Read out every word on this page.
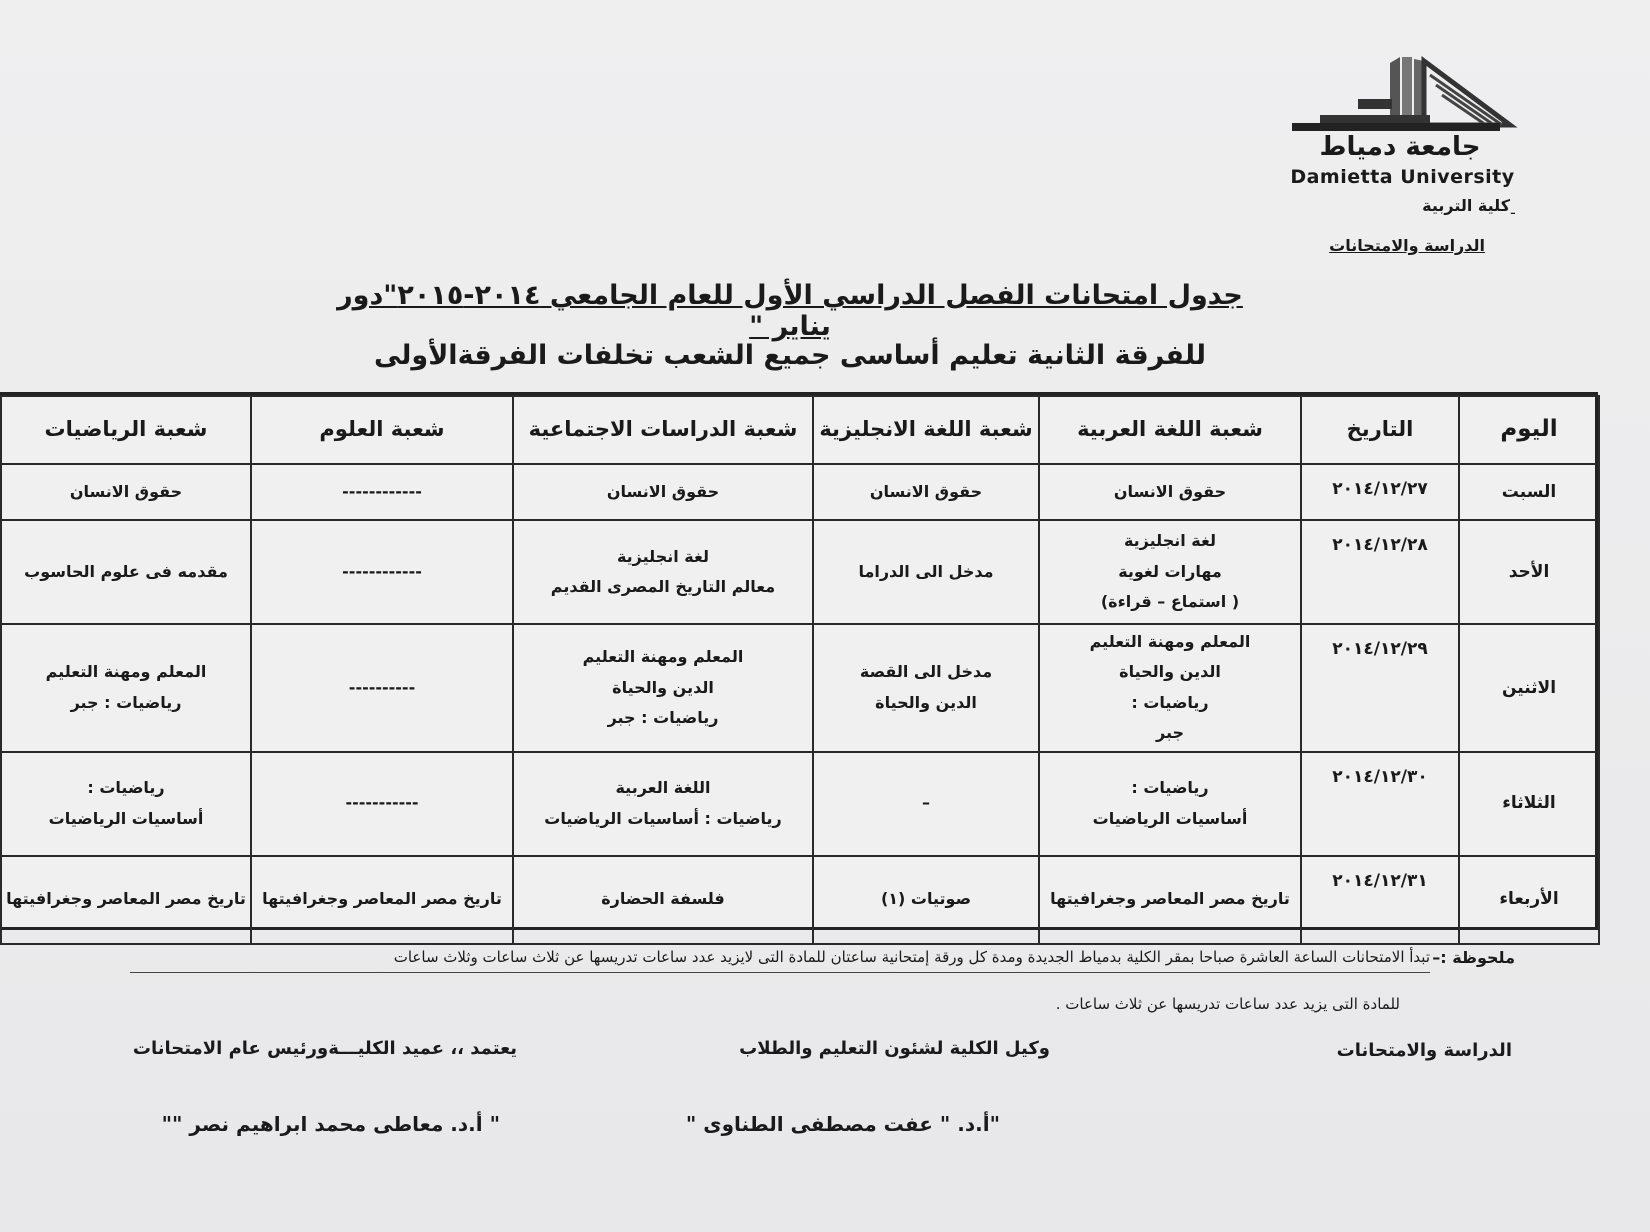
جامعة دمياط
Damietta University
كلية التربية -
الدراسة والامتحانات
جدول امتحانات الفصل الدراسي الأول للعام الجامعي ٢٠١٤-٢٠١٥"دور يناير "
للفرقة الثانية تعليم أساسى جميع الشعب تخلفات الفرقةالأولى
اليوم	التاريخ	شعبة اللغة العربية	شعبة اللغة الانجليزية	شعبة الدراسات الاجتماعية	شعبة العلوم	شعبة الرياضيات
السبت	٢٠١٤/١٢/٢٧	حقوق الانسان	حقوق الانسان	حقوق الانسان	------------	حقوق الانسان

الأحد	٢٠١٤/١٢/٢٨	لغة انجليزية
مهارات لغوية
( استماع – قراءة)	مدخل الى الدراما	لغة انجليزية
معالم التاريخ المصرى القديم	------------	مقدمه فى علوم الحاسوب

الاثنين	٢٠١٤/١٢/٢٩	المعلم ومهنة التعليم
الدين والحياة
رياضيات :
جبر	مدخل الى القصة
الدين والحياة	المعلم ومهنة التعليم
الدين والحياة
رياضيات : جبر	----------	المعلم ومهنة التعليم
رياضيات : جبر

الثلاثاء	٢٠١٤/١٢/٣٠	رياضيات :
أساسيات الرياضيات	–	اللغة العربية
رياضيات : أساسيات الرياضيات	-----------	رياضيات :
أساسيات الرياضيات

الأربعاء	٢٠١٤/١٢/٣١	تاريخ مصر المعاصر وجغرافيتها	صوتيات (١)	فلسفة الحضارة	تاريخ مصر المعاصر وجغرافيتها	تاريخ مصر المعاصر وجغرافيتها
ملحوظة :–
تبدأ الامتحانات الساعة العاشرة صباحا بمقر الكلية بدمياط الجديدة ومدة كل ورقة إمتحانية ساعتان للمادة التى لايزيد عدد ساعات تدريسها عن ثلاث ساعات وثلاث ساعات
للمادة التى يزيد عدد ساعات تدريسها عن ثلاث ساعات .
الدراسة والامتحانات
وكيل الكلية لشئون التعليم والطلاب
"أ.د. " عفت مصطفى الطناوى "
يعتمد ،، عميد الكليـــةورئيس عام الامتحانات
" أ.د. معاطى محمد ابراهيم نصر ""
